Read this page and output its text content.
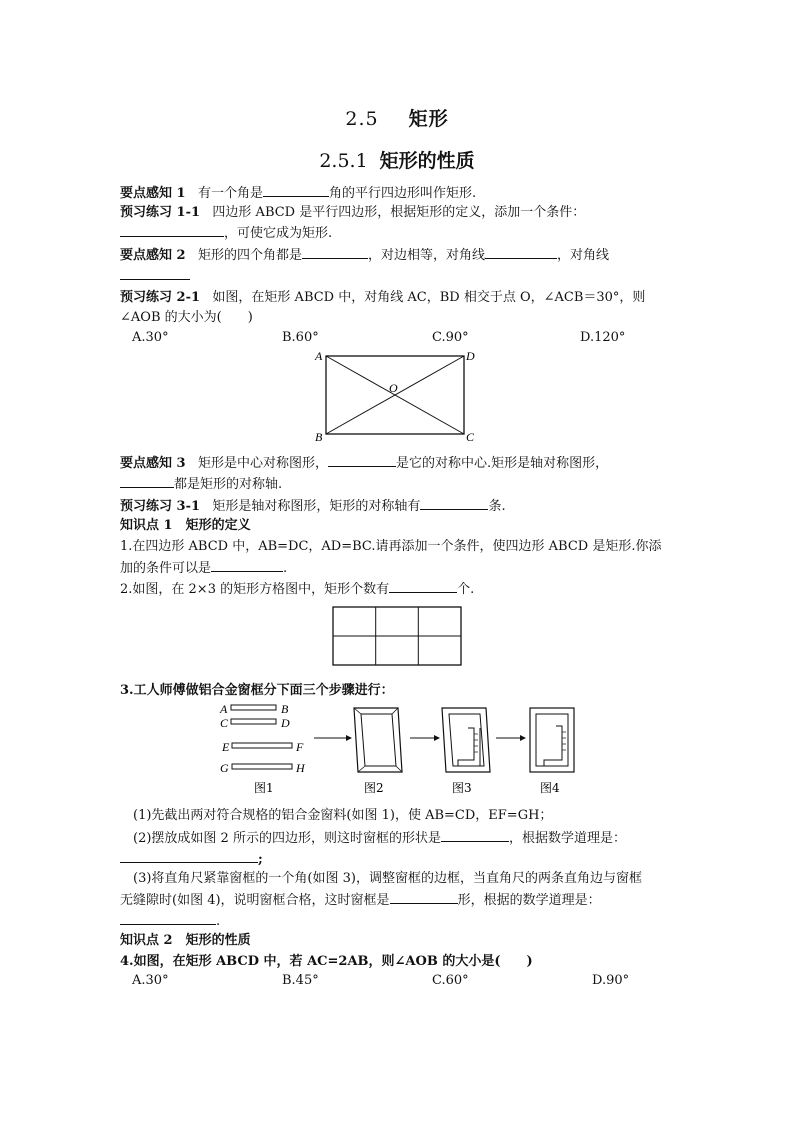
2.5 矩形
2.5.1 矩形的性质
要点感知 1 有一个角是	角的平行四边形叫作矩形.
预习练习 1-1 四边形 ABCD 是平行四边形，根据矩形的定义，添加一个条件：
，可使它成为矩形.
要点感知 2 矩形的四个角都是	，对边相等，对角线	，对角线
预习练习 2-1 如图，在矩形 ABCD 中，对角线 AC，BD 相交于点 O，∠ACB＝30°，则
∠AOB 的大小为(　　)
A.30°	B.60°	C.90°	D.120°
A	D
B	C
O
要点感知 3 矩形是中心对称图形，	是它的对称中心.矩形是轴对称图形，
都是矩形的对称轴.
预习练习 3-1 矩形是轴对称图形，矩形的对称轴有	条.
知识点 1　矩形的定义
1.在四边形 ABCD 中，AB=DC，AD=BC.请再添加一个条件，使四边形 ABCD 是矩形.你添
加的条件可以是	.
2.如图，在 2×3 的矩形方格图中，矩形个数有	个.
3.工人师傅做铝合金窗框分下面三个步骤进行：
A	B
C	D
E	F
G	H
图1	图2	图3	图4
(1)先截出两对符合规格的铝合金窗料(如图 1)，使 AB=CD，EF=GH；
(2)摆放成如图 2 所示的四边形，则这时窗框的形状是	，根据数学道理是：
;
(3)将直角尺紧靠窗框的一个角(如图 3)，调整窗框的边框，当直角尺的两条直角边与窗框
无缝隙时(如图 4)，说明窗框合格，这时窗框是	形，根据的数学道理是：
.
知识点 2　矩形的性质
4.如图，在矩形 ABCD 中，若 AC=2AB，则∠AOB 的大小是(　　)
A.30°	B.45°	C.60°	D.90°
